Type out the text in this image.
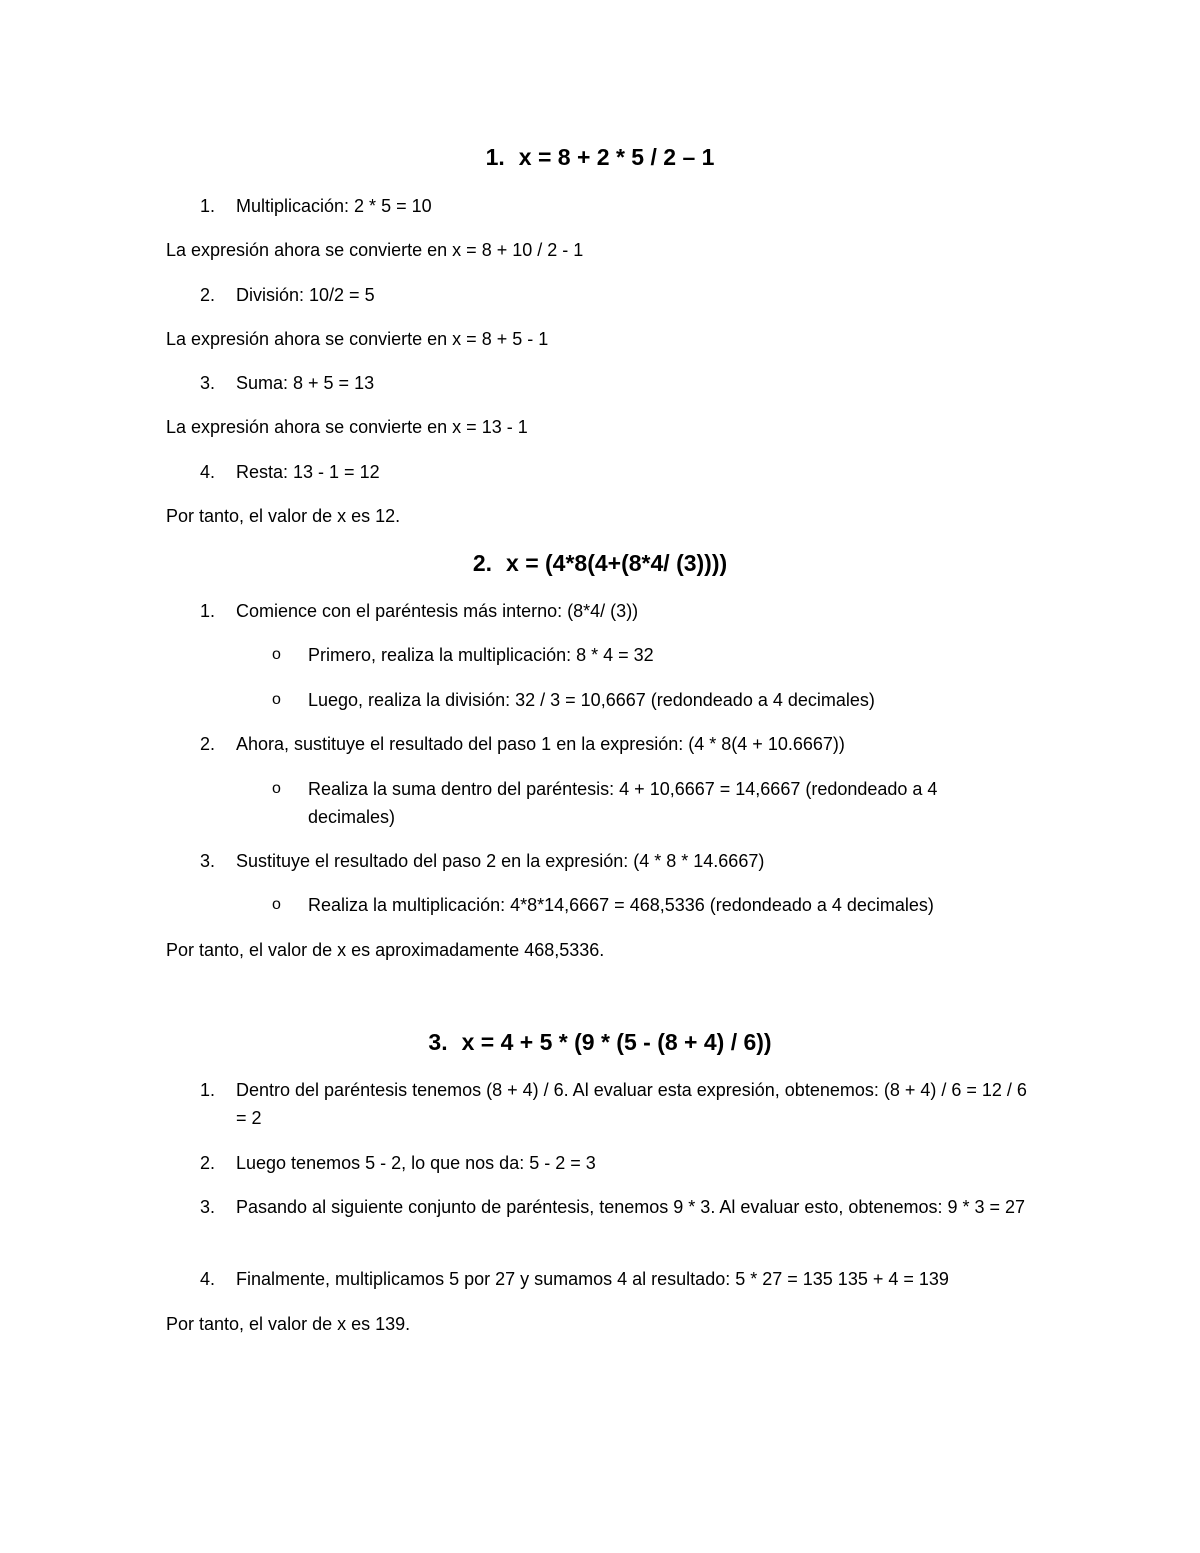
1. x = 8 + 2 * 5 / 2 – 1
1.	Multiplicación: 2 * 5 = 10
La expresión ahora se convierte en x = 8 + 10 / 2 - 1
2.	División: 10/2 = 5
La expresión ahora se convierte en x = 8 + 5 - 1
3.	Suma: 8 + 5 = 13
La expresión ahora se convierte en x = 13 - 1
4.	Resta: 13 - 1 = 12
Por tanto, el valor de x es 12.
2. x = (4*8(4+(8*4/ (3))))
1.	Comience con el paréntesis más interno: (8*4/ (3))
o Primero, realiza la multiplicación: 8 * 4 = 32
o Luego, realiza la división: 32 / 3 = 10,6667 (redondeado a 4 decimales)
2.	Ahora, sustituye el resultado del paso 1 en la expresión: (4 * 8(4 + 10.6667))
o Realiza la suma dentro del paréntesis: 4 + 10,6667 = 14,6667 (redondeado a 4 decimales)
3.	Sustituye el resultado del paso 2 en la expresión: (4 * 8 * 14.6667)
o Realiza la multiplicación: 4*8*14,6667 = 468,5336 (redondeado a 4 decimales)
Por tanto, el valor de x es aproximadamente 468,5336.
3. x = 4 + 5 * (9 * (5 - (8 + 4) / 6))
1.	Dentro del paréntesis tenemos (8 + 4) / 6. Al evaluar esta expresión, obtenemos: (8 + 4) / 6 = 12 / 6 = 2
2.	Luego tenemos 5 - 2, lo que nos da: 5 - 2 = 3
3.	Pasando al siguiente conjunto de paréntesis, tenemos 9 * 3. Al evaluar esto, obtenemos: 9 * 3 = 27
4.	Finalmente, multiplicamos 5 por 27 y sumamos 4 al resultado: 5 * 27 = 135 135 + 4 = 139
Por tanto, el valor de x es 139.
